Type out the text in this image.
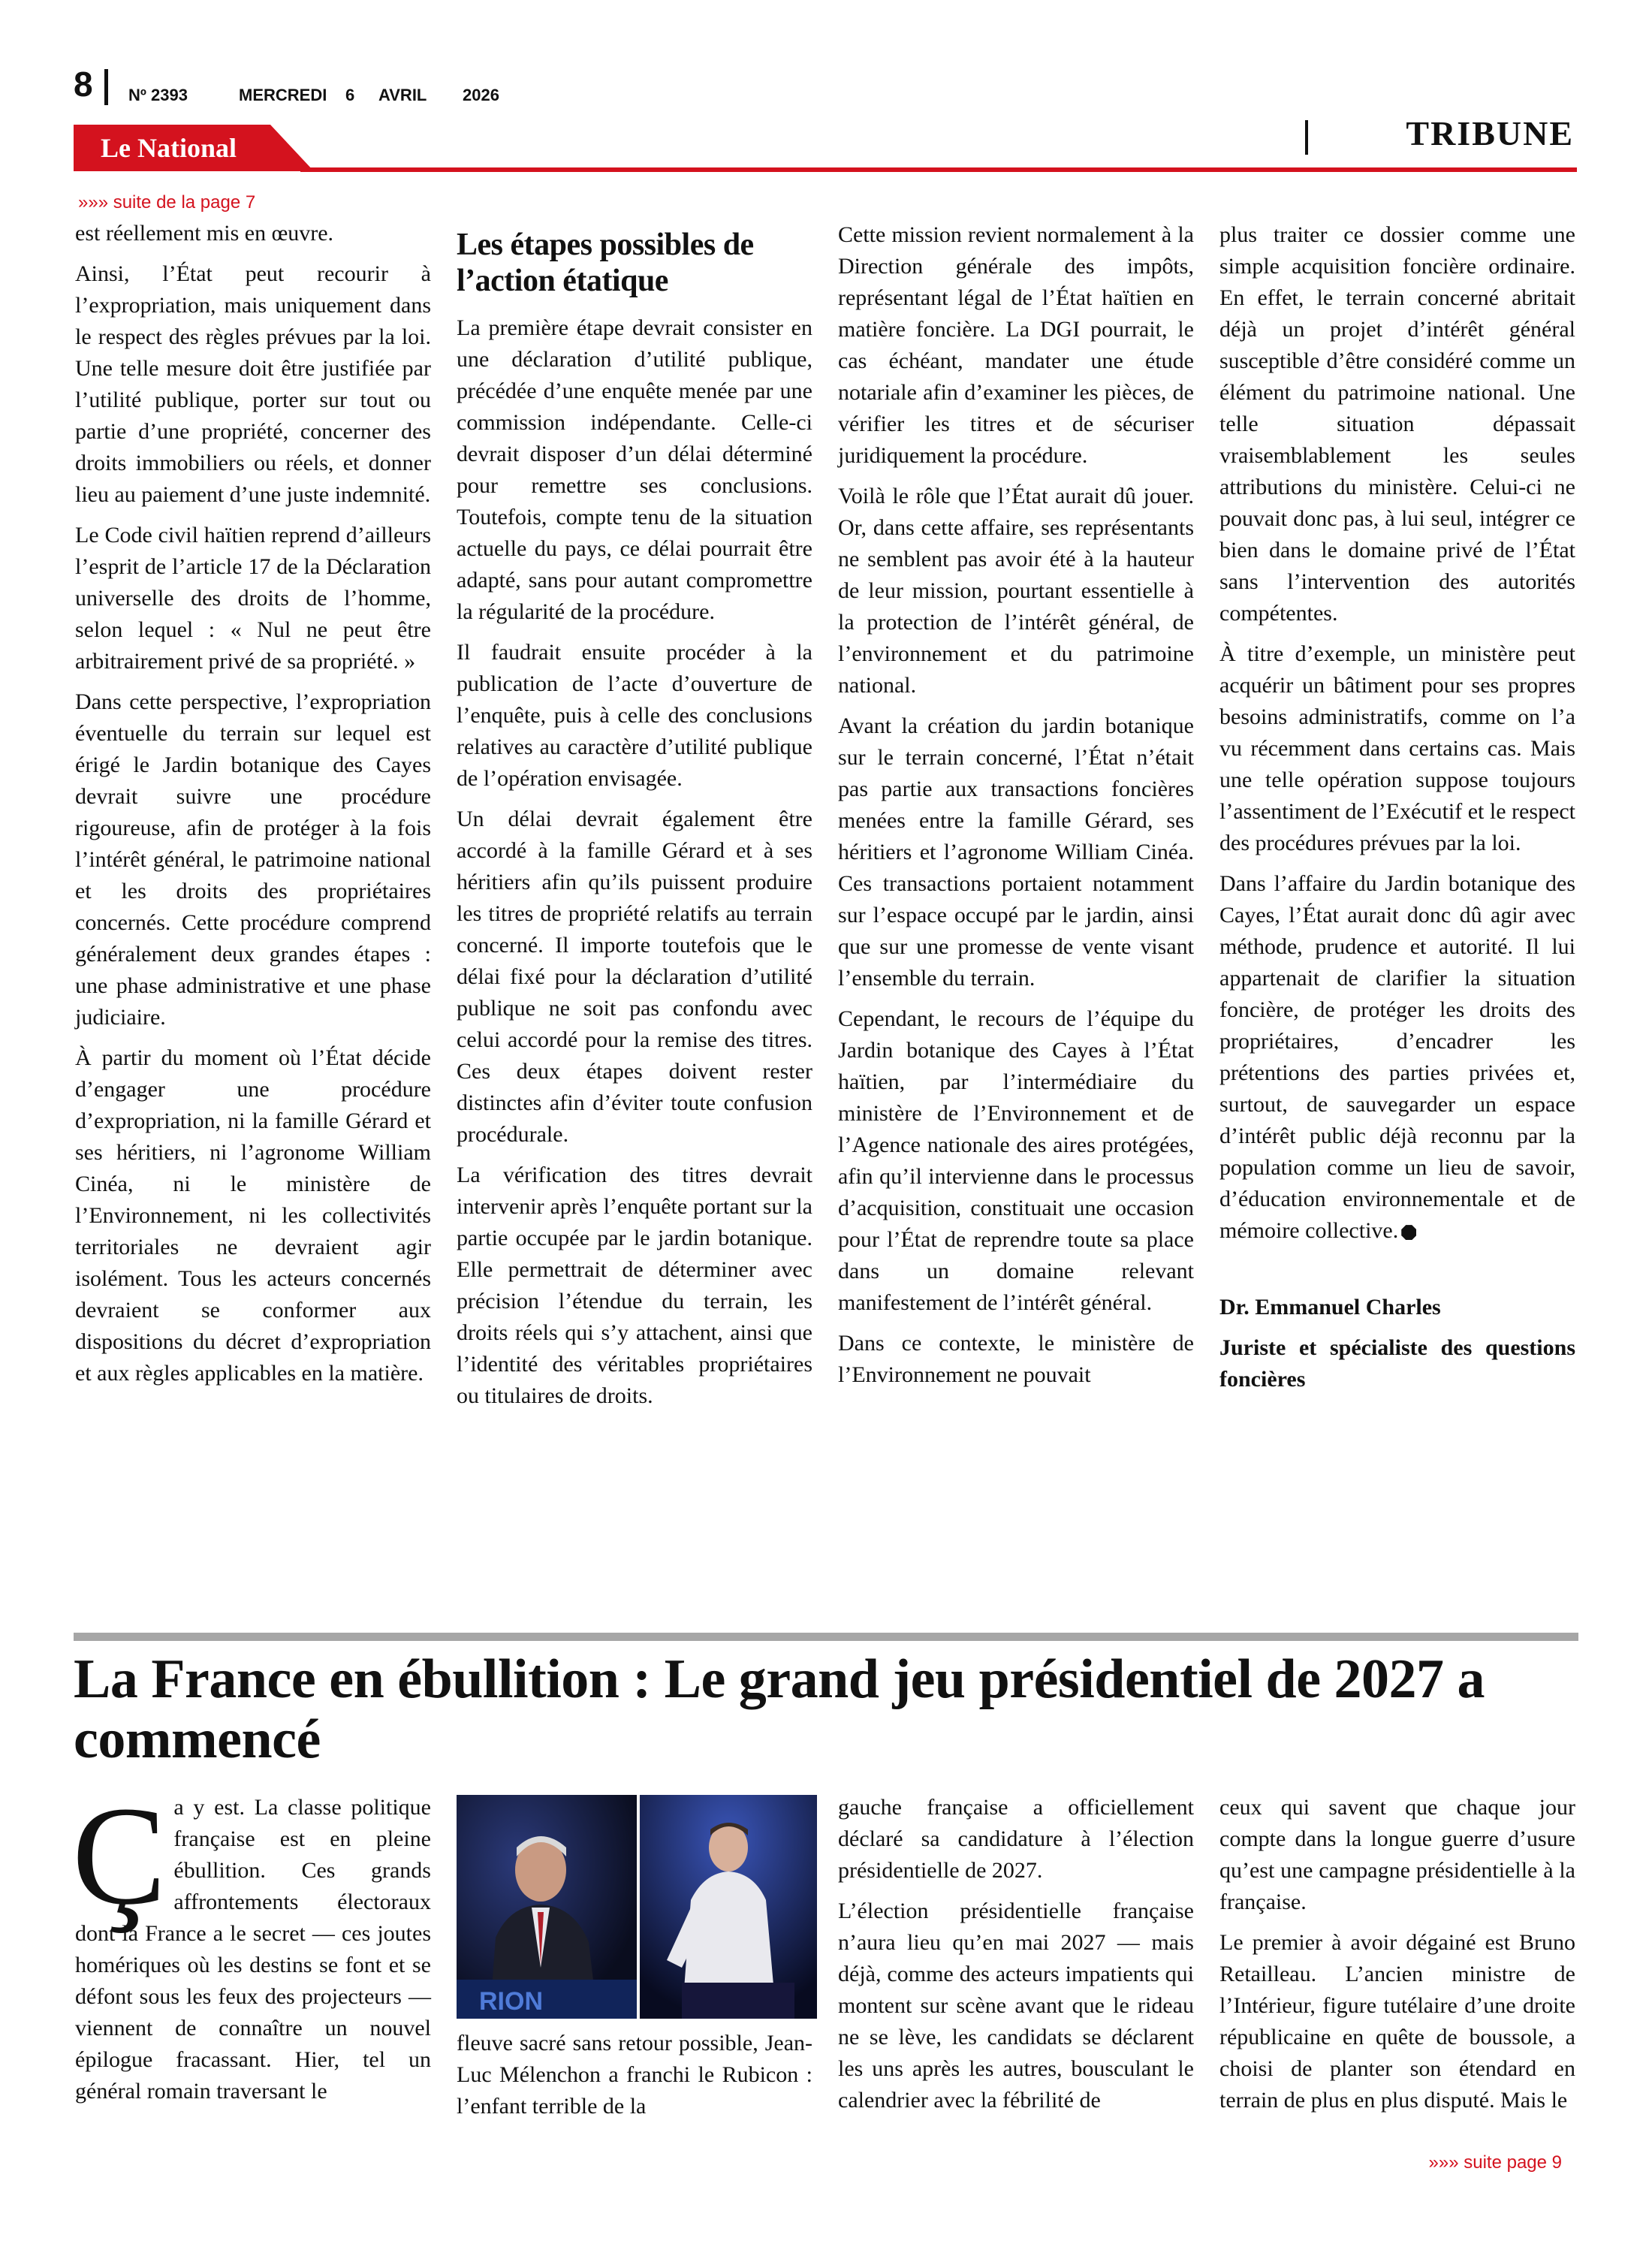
8 Nº 2393	MERCREDI 6 AVRIL 2026
Le National	TRIBUNE
»»» suite de la page 7

est réellement mis en œuvre.

Ainsi, l’État peut recourir à l’expropriation, mais uniquement dans le respect des règles prévues par la loi. Une telle mesure doit être justifiée par l’utilité publique, porter sur tout ou partie d’une propriété, concerner des droits immobiliers ou réels, et donner lieu au paiement d’une juste indemnité.

Le Code civil haïtien reprend d’ailleurs l’esprit de l’article 17 de la Déclaration universelle des droits de l’homme, selon lequel : « Nul ne peut être arbitrairement privé de sa propriété. »

Dans cette perspective, l’expropriation éventuelle du terrain sur lequel est érigé le Jardin botanique des Cayes devrait suivre une procédure rigoureuse, afin de protéger à la fois l’intérêt général, le patrimoine national et les droits des propriétaires concernés. Cette procédure comprend généralement deux grandes étapes : une phase administrative et une phase judiciaire.

À partir du moment où l’État décide d’engager une procédure d’expropriation, ni la famille Gérard et ses héritiers, ni l’agronome William Cinéa, ni le ministère de l’Environnement, ni les collectivités territoriales ne devraient agir isolément. Tous les acteurs concernés devraient se conformer aux dispositions du décret d’expropriation et aux règles applicables en la matière.

Les étapes possibles de l’action étatique

La première étape devrait consister en une déclaration d’utilité publique, précédée d’une enquête menée par une commission indépendante. Celle-ci devrait disposer d’un délai déterminé pour remettre ses conclusions. Toutefois, compte tenu de la situation actuelle du pays, ce délai pourrait être adapté, sans pour autant compromettre la régularité de la procédure.

Il faudrait ensuite procéder à la publication de l’acte d’ouverture de l’enquête, puis à celle des conclusions relatives au caractère d’utilité publique de l’opération envisagée.

Un délai devrait également être accordé à la famille Gérard et à ses héritiers afin qu’ils puissent produire les titres de propriété relatifs au terrain concerné. Il importe toutefois que le délai fixé pour la déclaration d’utilité publique ne soit pas confondu avec celui accordé pour la remise des titres. Ces deux étapes doivent rester distinctes afin d’éviter toute confusion procédurale.

La vérification des titres devrait intervenir après l’enquête portant sur la partie occupée par le jardin botanique. Elle permettrait de déterminer avec précision l’étendue du terrain, les droits réels qui s’y attachent, ainsi que l’identité des véritables propriétaires ou titulaires de droits.

Cette mission revient normalement à la Direction générale des impôts, représentant légal de l’État haïtien en matière foncière. La DGI pourrait, le cas échéant, mandater une étude notariale afin d’examiner les pièces, de vérifier les titres et de sécuriser juridiquement la procédure.

Voilà le rôle que l’État aurait dû jouer. Or, dans cette affaire, ses représentants ne semblent pas avoir été à la hauteur de leur mission, pourtant essentielle à la protection de l’intérêt général, de l’environnement et du patrimoine national.

Avant la création du jardin botanique sur le terrain concerné, l’État n’était pas partie aux transactions foncières menées entre la famille Gérard, ses héritiers et l’agronome William Cinéa. Ces transactions portaient notamment sur l’espace occupé par le jardin, ainsi que sur une promesse de vente visant l’ensemble du terrain.

Cependant, le recours de l’équipe du Jardin botanique des Cayes à l’État haïtien, par l’intermédiaire du ministère de l’Environnement et de l’Agence nationale des aires protégées, afin qu’il intervienne dans le processus d’acquisition, constituait une occasion pour l’État de reprendre toute sa place dans un domaine relevant manifestement de l’intérêt général.

Dans ce contexte, le ministère de l’Environnement ne pouvait

plus traiter ce dossier comme une simple acquisition foncière ordinaire. En effet, le terrain concerné abritait déjà un projet d’intérêt général susceptible d’être considéré comme un élément du patrimoine national. Une telle situation dépassait vraisemblablement les seules attributions du ministère. Celui-ci ne pouvait donc pas, à lui seul, intégrer ce bien dans le domaine privé de l’État sans l’intervention des autorités compétentes.

À titre d’exemple, un ministère peut acquérir un bâtiment pour ses propres besoins administratifs, comme on l’a vu récemment dans certains cas. Mais une telle opération suppose toujours l’assentiment de l’Exécutif et le respect des procédures prévues par la loi.

Dans l’affaire du Jardin botanique des Cayes, l’État aurait donc dû agir avec méthode, prudence et autorité. Il lui appartenait de clarifier la situation foncière, de protéger les droits des propriétaires, d’encadrer les prétentions des parties privées et, surtout, de sauvegarder un espace d’intérêt public déjà reconnu par la population comme un lieu de savoir, d’éducation environnementale et de mémoire collective.

Dr. Emmanuel Charles

Juriste et spécialiste des questions foncières

La France en ébullition : Le grand jeu présidentiel de 2027 a commencé

Ça y est. La classe politique française est en pleine ébullition. Ces grands affrontements électoraux dont la France a le secret — ces joutes homériques où les destins se font et se défont sous les feux des projecteurs — viennent de connaître un nouvel épilogue fracassant. Hier, tel un général romain traversant le

RION

fleuve sacré sans retour possible, Jean-Luc Mélenchon a franchi le Rubicon : l’enfant terrible de la

gauche française a officiellement déclaré sa candidature à l’élection présidentielle de 2027.

L’élection présidentielle française n’aura lieu qu’en mai 2027 — mais déjà, comme des acteurs impatients qui montent sur scène avant que le rideau ne se lève, les candidats se déclarent les uns après les autres, bousculant le calendrier avec la fébrilité de

ceux qui savent que chaque jour compte dans la longue guerre d’usure qu’est une campagne présidentielle à la française.

Le premier à avoir dégainé est Bruno Retailleau. L’ancien ministre de l’Intérieur, figure tutélaire d’une droite républicaine en quête de boussole, a choisi de planter son étendard en terrain de plus en plus disputé. Mais le

»»» suite page 9
